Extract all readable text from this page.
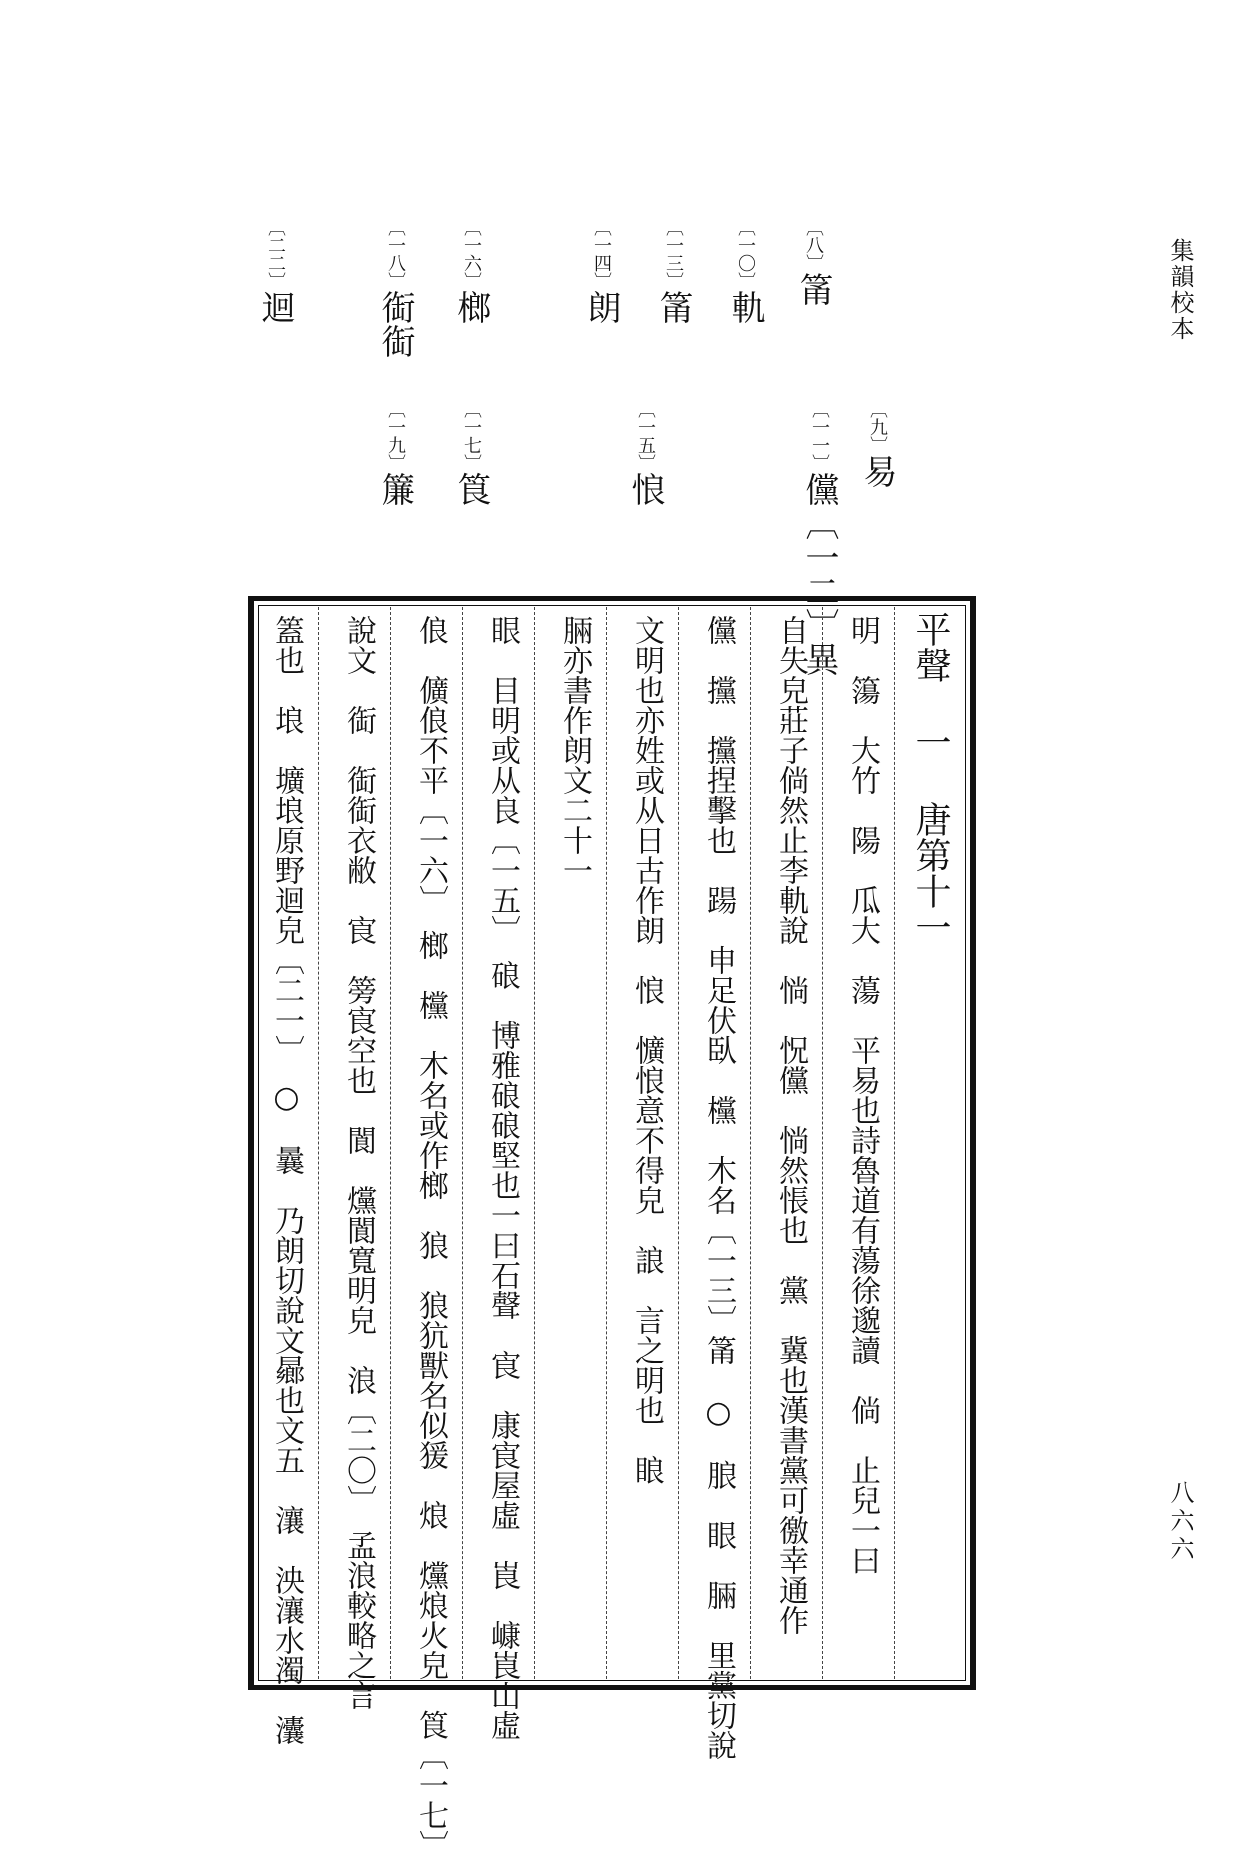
集韻校本
八六六
〔八〕筩
〔一〇〕軌
〔一三〕筩
〔一四〕朗
〔一六〕榔
〔一八〕䘖䘖
〔二二〕迴
〔九〕易
〔一一〕儻〔一二〕異
〔一五〕悢
〔一七〕筤
〔一九〕簾
平聲 一 唐第十一
明　簜　大竹　陽　瓜大　蕩　平易也詩魯道有蕩徐邈讀　倘　止兒一曰
自失皃莊子倘然止李軌說　惝　怳儻　惝然悵也　黨　冀也漢書黨可徼幸通作
儻　攩　攩捏擊也　踼　申足伏臥　欓　木名〔一三〕筩　○　朖　眼　脼　里黨切說
文明也亦姓或从日古作朗　悢　懭悢意不得皃　誏　言之明也　䀶
脼亦書作朗文二十一
眼　目明或从良〔一五〕　硠　博雅硠硠堅也一曰石聲　㝗　康㝗屋虛　崀　嵻崀山虛
俍　儣俍不平〔一六〕　榔　欓　木名或作榔　狼　狼犺獸名似猨　烺　爣烺火皃　筤〔一七〕
說文　䘖　䘖䘖衣敝　㝗　篣㝗空也　閬　爣閬寬明皃　浪〔二〇〕　孟浪較略之言
篕也　埌　壙埌原野迴皃〔二一〕　○　曩　乃朗切說文曏也文五　瀼　泱瀼水濁　灢
